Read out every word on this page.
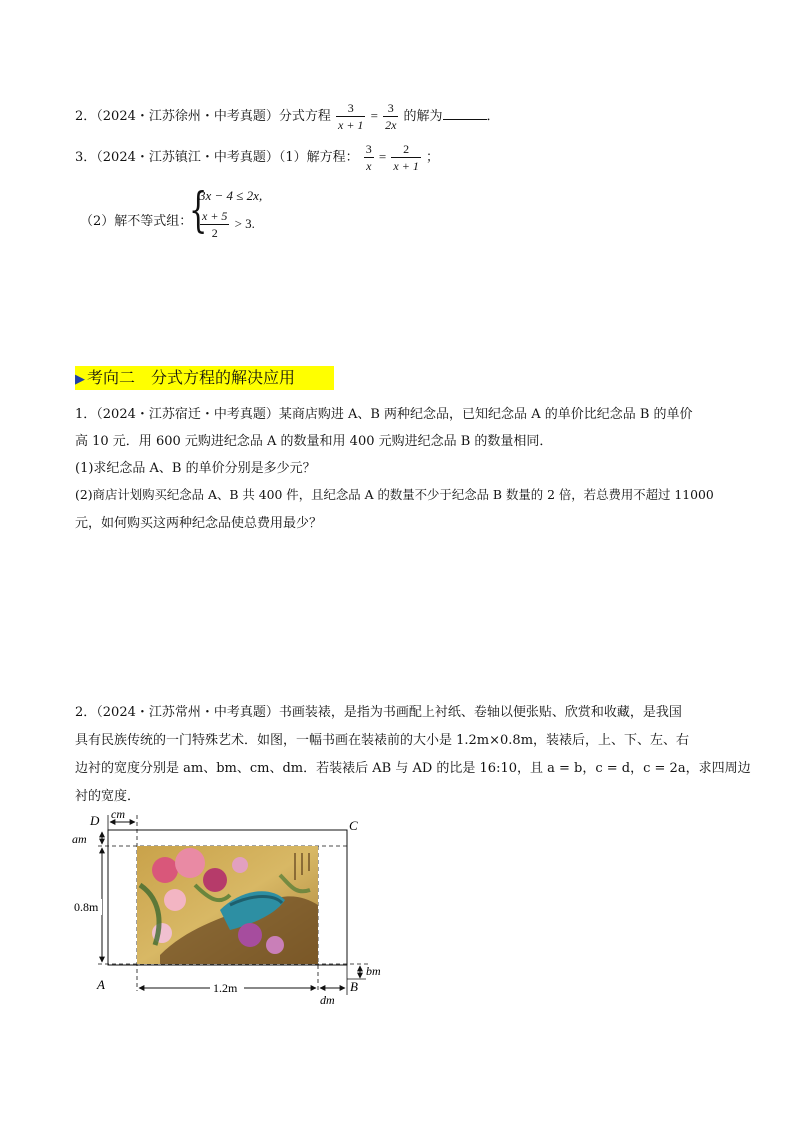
2．（2024・江苏徐州・中考真题）分式方程 $\frac{3}{x + 1} = \frac{3}{2x}$ 的解为	．
3．（2024・江苏镇江・中考真题）（1）解方程： $\frac{3}{x} = \frac{2}{x + 1}$ ；
（2）解不等式组：
{
3x − 4 ≤ 2x,
$\frac{x + 5}{2} > 3$.
▶ 考向二　分式方程的解决应用
1．（2024・江苏宿迁・中考真题）某商店购进 A、B 两种纪念品，已知纪念品 A 的单价比纪念品 B 的单价
高 10 元．用 600 元购进纪念品 A 的数量和用 400 元购进纪念品 B 的数量相同．
(1)求纪念品 A、B 的单价分别是多少元？
(2)商店计划购买纪念品 A、B 共 400 件，且纪念品 A 的数量不少于纪念品 B 数量的 2 倍，若总费用不超过 11000
元，如何购买这两种纪念品使总费用最少？
2．（2024・江苏常州・中考真题）书画装裱，是指为书画配上衬纸、卷轴以便张贴、欣赏和收藏，是我国
具有民族传统的一门特殊艺术．如图，一幅书画在装裱前的大小是 1.2m×0.8m，装裱后，上、下、左、右
边衬的宽度分别是 am、bm、cm、dm．若装裱后 AB 与 AD 的比是 16:10，且 a = b，c = d，c = 2a，求四周边
衬的宽度．
D	C
A	B
cm
am
bm
dm
0.8m
1.2m
